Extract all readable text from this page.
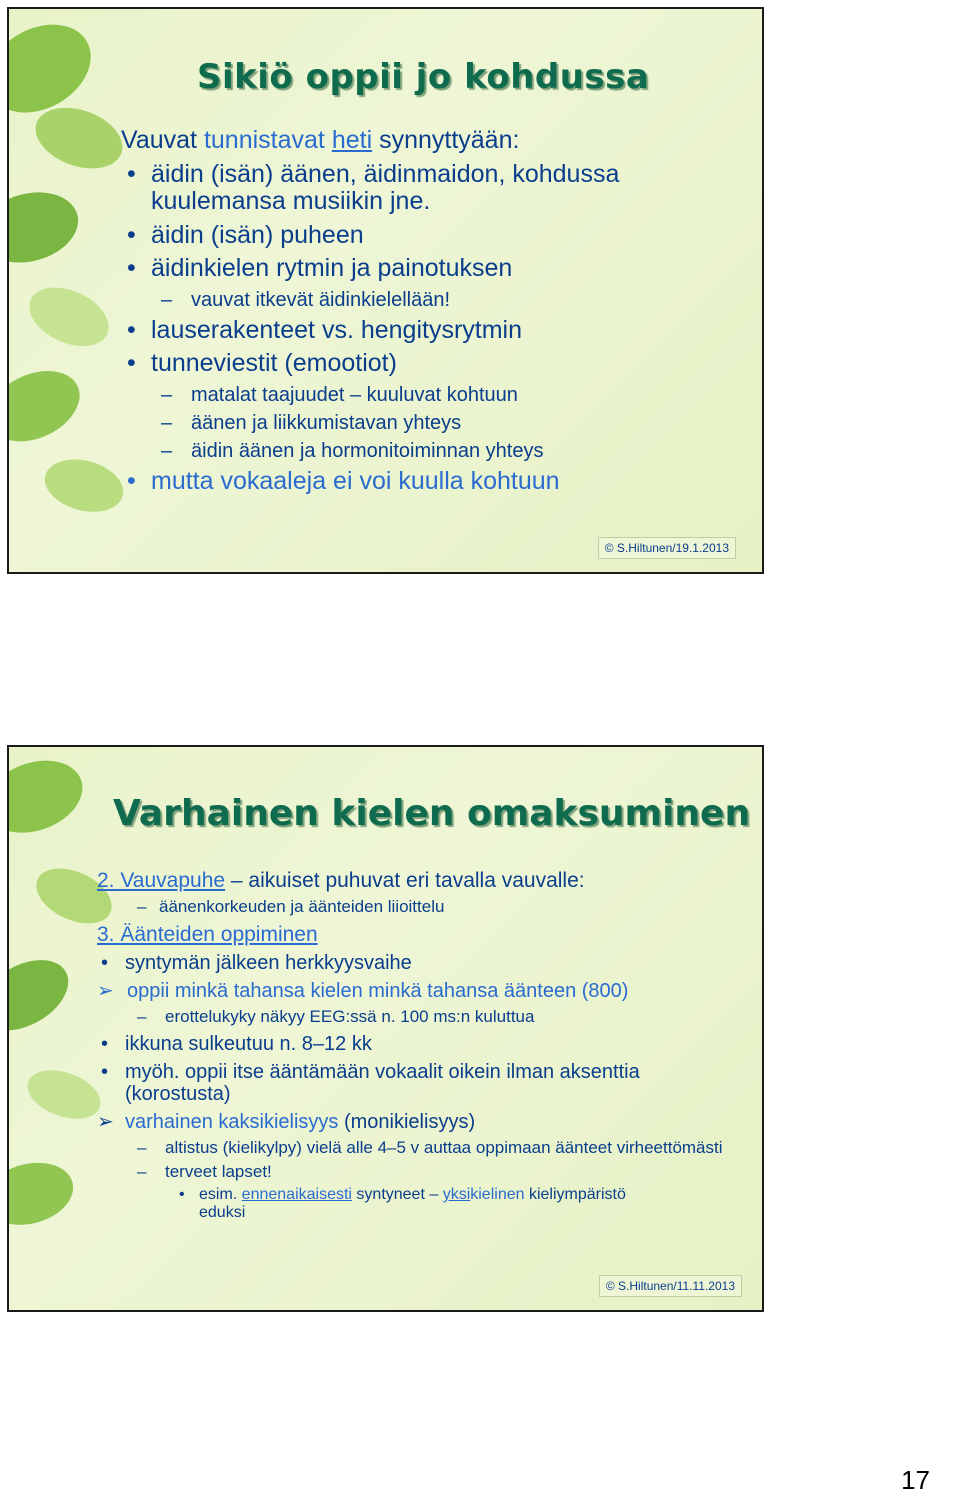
Sikiö oppii jo kohdussa
Vauvat tunnistavat heti synnyttyään:
• äidin (isän) äänen, äidinmaidon, kohdussa kuulemansa musiikin jne.
• äidin (isän) puheen
• äidinkielen rytmin ja painotuksen
– vauvat itkevät äidinkielellään!
• lauserakenteet vs. hengitysrytmin
• tunneviestit (emootiot)
– matalat taajuudet – kuuluvat kohtuun
– äänen ja liikkumistavan yhteys
– äidin äänen ja hormonitoiminnan yhteys
• mutta vokaaleja ei voi kuulla kohtuun
© S.Hiltunen/19.1.2013
Varhainen kielen omaksuminen
2. Vauvapuhe – aikuiset puhuvat eri tavalla vauvalle:
– äänenkorkeuden ja äänteiden liioittelu
3. Äänteiden oppiminen
• syntymän jälkeen herkkyysvaihe
➢ oppii minkä tahansa kielen minkä tahansa äänteen (800)
– erottelukyky näkyy EEG:ssä n. 100 ms:n kuluttua
• ikkuna sulkeutuu n. 8–12 kk
• myöh. oppii itse ääntämään vokaalit oikein ilman aksenttia (korostusta)
➢ varhainen kaksikielisyys (monikielisyys)
– altistus (kielikylpy) vielä alle 4–5 v auttaa oppimaan äänteet virheettömästi
– terveet lapset!
• esim. ennenaikaisesti syntyneet – yksikielinen kieliympäristö eduksi
© S.Hiltunen/11.11.2013
17
